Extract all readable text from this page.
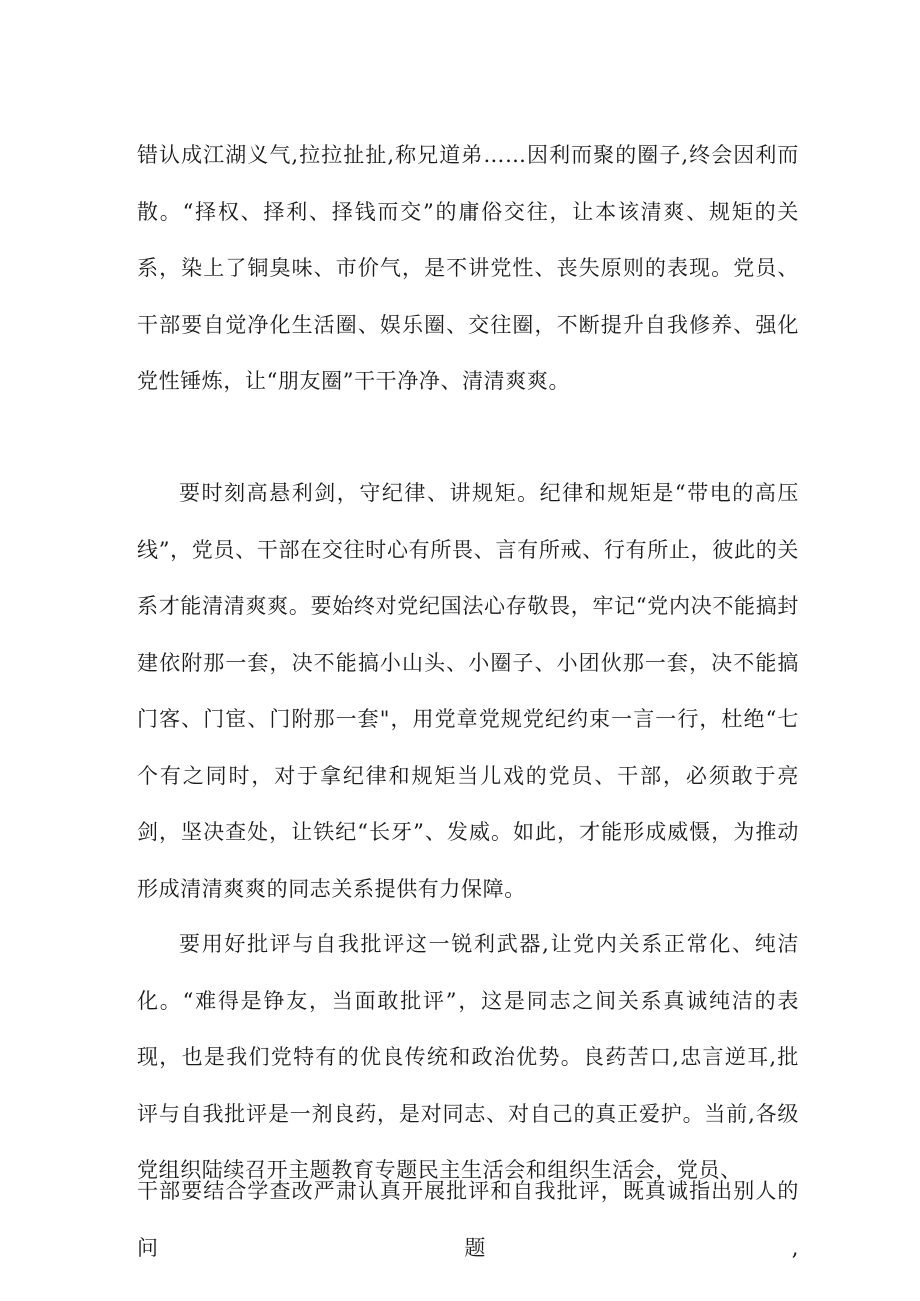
错认成江湖义气,拉拉扯扯,称兄道弟……因利而聚的圈子,终会因利而散。“择权、择利、择钱而交”的庸俗交往，让本该清爽、规矩的关系，染上了铜臭味、市价气，是不讲党性、丧失原则的表现。党员、干部要自觉净化生活圈、娱乐圈、交往圈，不断提升自我修养、强化党性锤炼，让“朋友圈”干干净净、清清爽爽。

要时刻高悬利剑，守纪律、讲规矩。纪律和规矩是“带电的高压线”，党员、干部在交往时心有所畏、言有所戒、行有所止，彼此的关系才能清清爽爽。要始终对党纪国法心存敬畏，牢记“党内决不能搞封建依附那一套，决不能搞小山头、小圈子、小团伙那一套，决不能搞门客、门宦、门附那一套"，用党章党规党纪约束一言一行，杜绝“七个有之同时，对于拿纪律和规矩当儿戏的党员、干部，必须敢于亮剑，坚决查处，让铁纪“长牙”、发威。如此，才能形成威慑，为推动形成清清爽爽的同志关系提供有力保障。

要用好批评与自我批评这一锐利武器,让党内关系正常化、纯洁化。“难得是铮友，当面敢批评”，这是同志之间关系真诚纯洁的表现，也是我们党特有的优良传统和政治优势。良药苦口,忠言逆耳,批评与自我批评是一剂良药，是对同志、对自己的真正爱护。当前,各级党组织陆续召开主题教育专题民主生活会和组织生活会，党员、

干部要结合学查改严肃认真开展批评和自我批评，既真诚指出别人的问题,
